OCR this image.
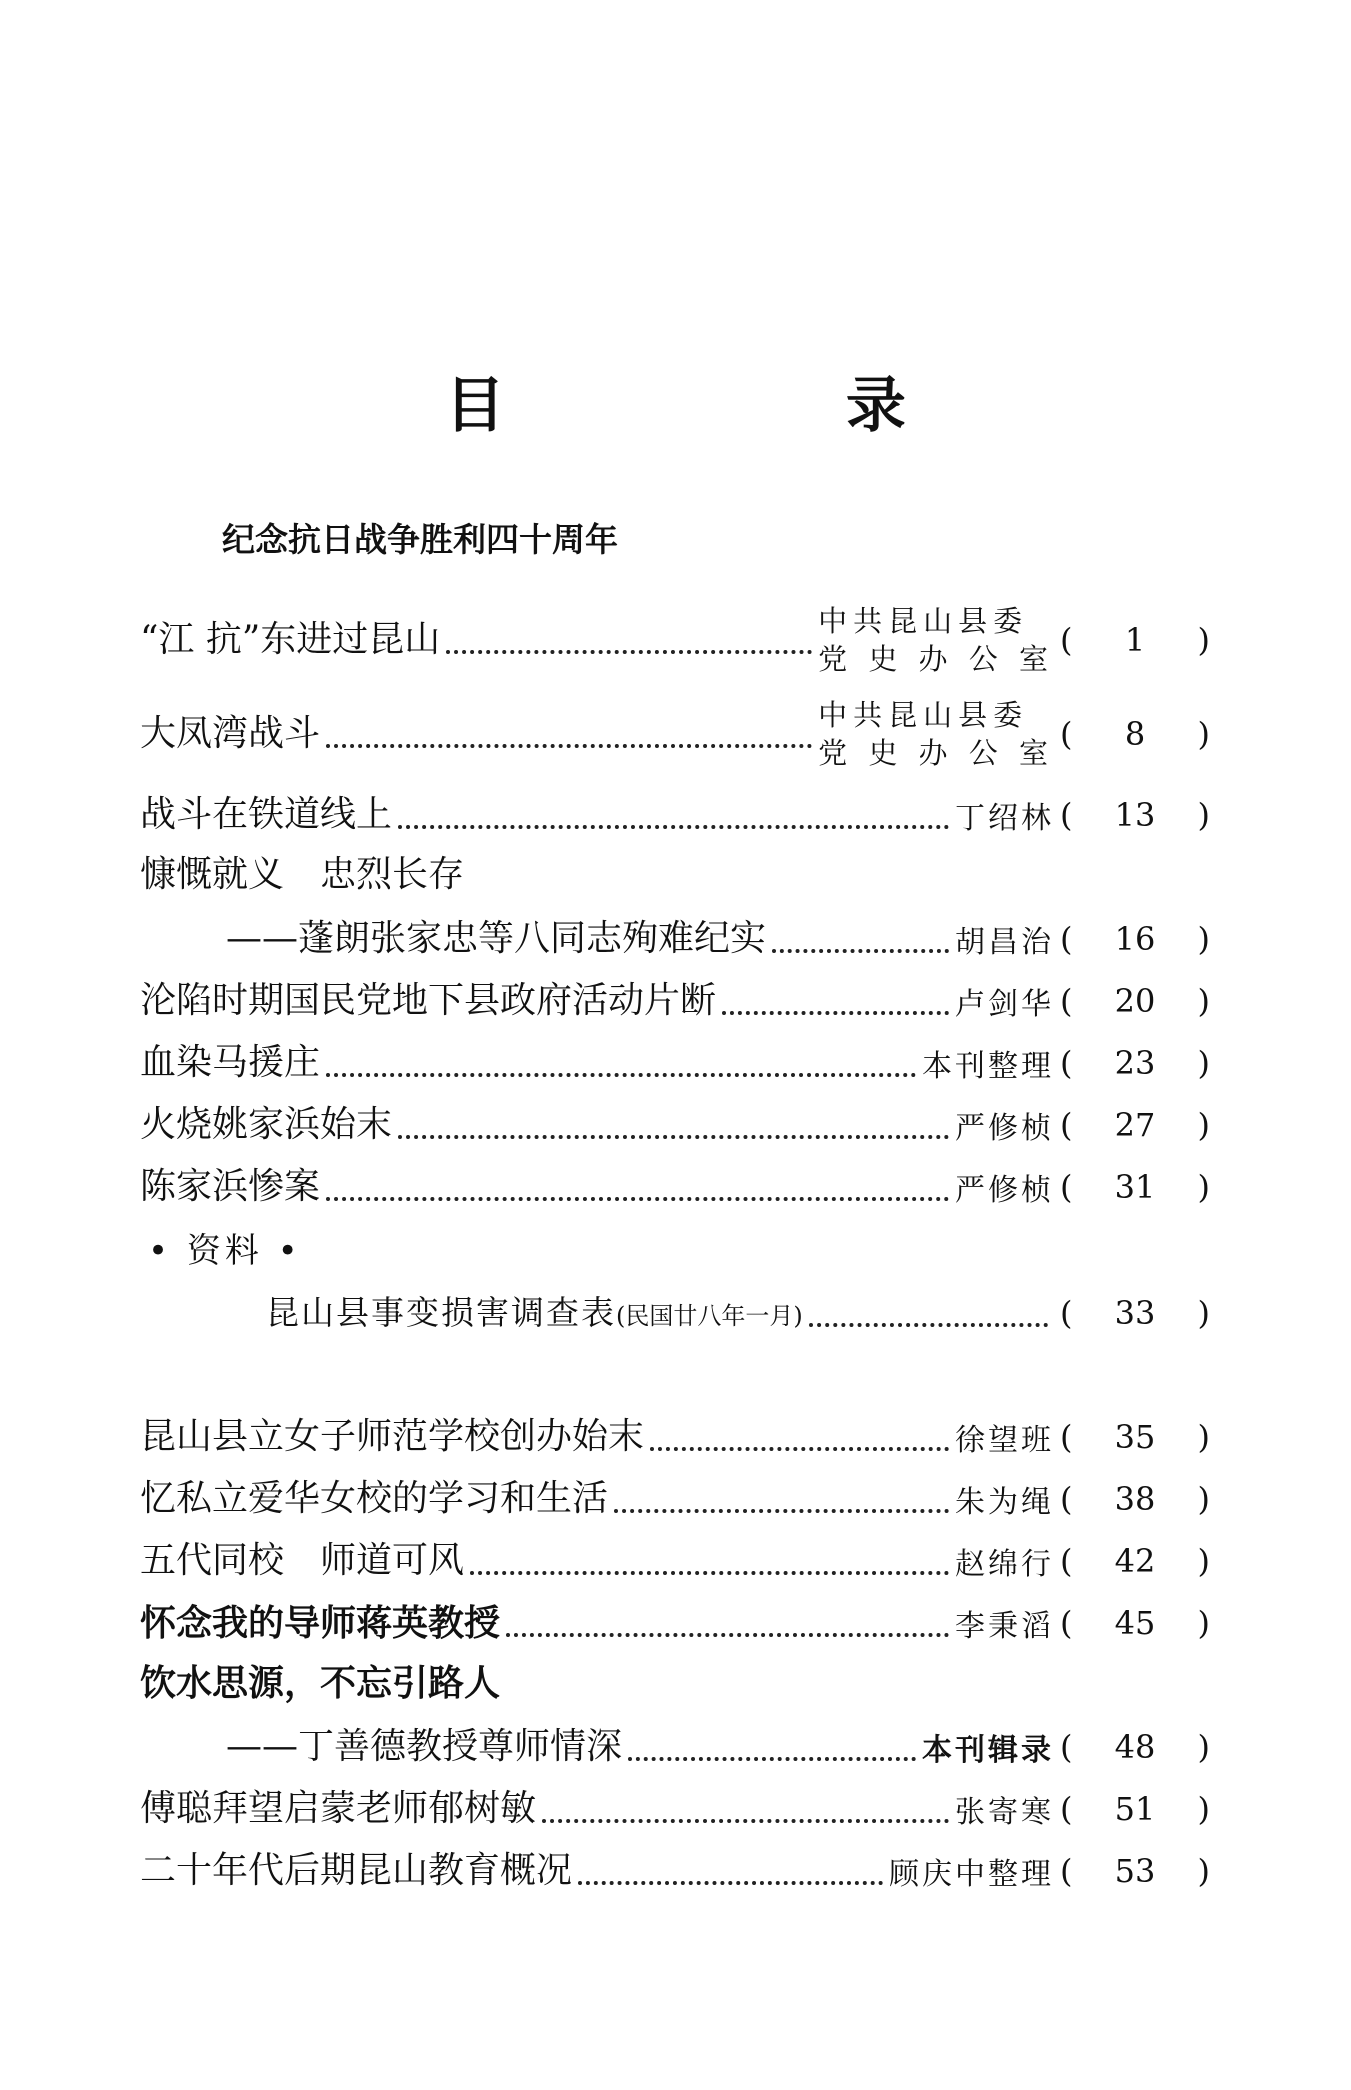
目 录
纪念抗日战争胜利四十周年
“江 抗”东进过昆山	中共昆山县委
党 史 办 公 室 (	1	)
大凤湾战斗	中共昆山县委
党 史 办 公 室 (	8	)
战斗在铁道线上	丁绍林 (	13	)
慷慨就义　忠烈长存
——蓬朗张家忠等八同志殉难纪实	胡昌治 (	16	)
沦陷时期国民党地下县政府活动片断	卢剑华 (	20	)
血染马援庄	本刊整理 (	23	)
火烧姚家浜始末	严修桢 (	27	)
陈家浜惨案	严修桢 (	31	)
• 资料 •
昆山县事变损害调查表 (民国廿八年一月)	(	33	)
昆山县立女子师范学校创办始末	徐望班 (	35	)
忆私立爱华女校的学习和生活	朱为绳 (	38	)
五代同校　师道可风	赵绵行 (	42	)
怀念我的导师蒋英教授	李秉滔 (	45	)
饮水思源，不忘引路人
——丁善德教授尊师情深	本刊辑录 (	48	)
傅聪拜望启蒙老师郁树敏	张寄寒 (	51	)
二十年代后期昆山教育概况	顾庆中整理 (	53	)
